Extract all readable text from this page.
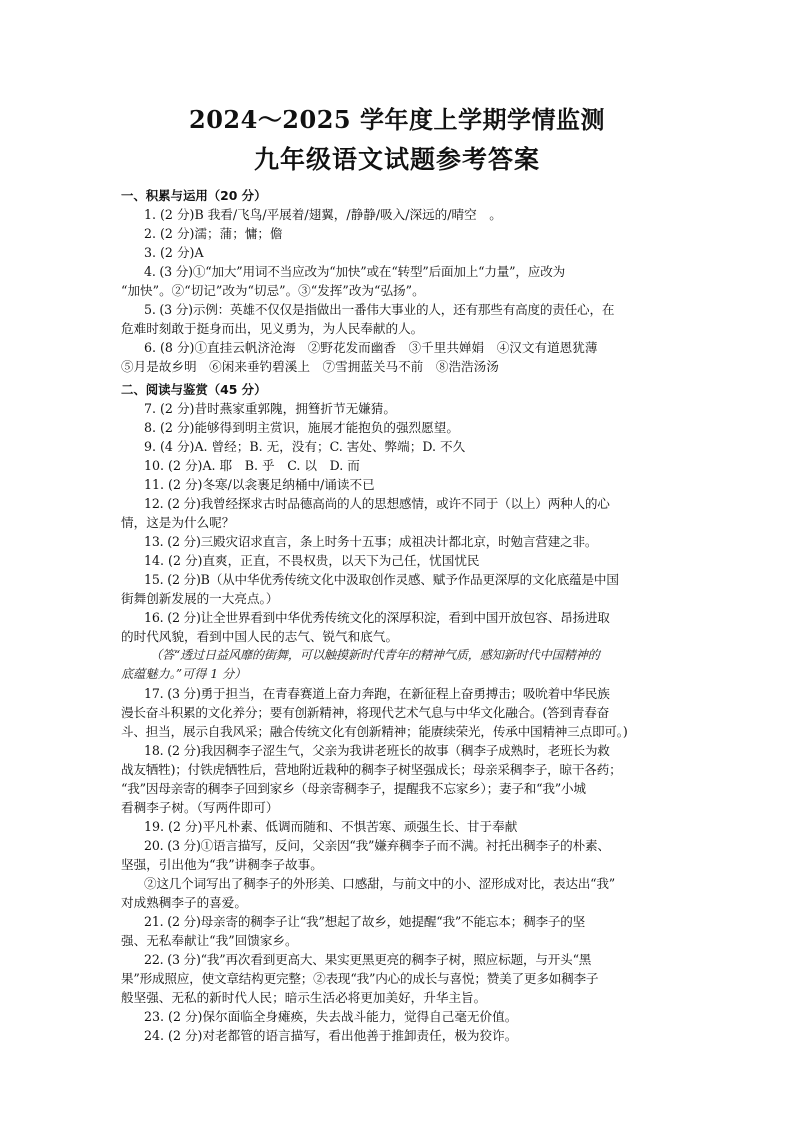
2024～2025 学年度上学期学情监测
九年级语文试题参考答案
一、积累与运用（20 分）
1. (2 分)B 我看/飞鸟/平展着/翅翼，/静静/吸入/深远的/晴空　。
2. (2 分)濡；蒲；慵；儋
3. (2 分)A
4. (3 分)①“加大”用词不当应改为“加快”或在“转型”后面加上“力量”，应改为
“加快”。②“切记”改为“切忌”。③“发挥”改为“弘扬”。
5. (3 分)示例：英雄不仅仅是指做出一番伟大事业的人，还有那些有高度的责任心，在
危难时刻敢于挺身而出，见义勇为，为人民奉献的人。
6. (8 分)①直挂云帆济沧海　②野花发而幽香　③千里共婵娟　④汉文有道恩犹薄
⑤月是故乡明　⑥闲来垂钓碧溪上　⑦雪拥蓝关马不前　⑧浩浩汤汤
二、阅读与鉴赏（45 分）
7. (2 分)昔时燕家重郭隗，拥篲折节无嫌猜。
8. (2 分)能够得到明主赏识，施展才能抱负的强烈愿望。
9. (4 分)A. 曾经；B. 无，没有；C. 害处、弊端；D. 不久
10. (2 分)A. 耶　B. 乎　C. 以　D. 而
11. (2 分)冬寒/以衾裹足纳桶中/诵读不已
12. (2 分)我曾经探求古时品德高尚的人的思想感情，或许不同于（以上）两种人的心
情，这是为什么呢？
13. (2 分)三殿灾诏求直言，条上时务十五事；成祖决计都北京，时勉言营建之非。
14. (2 分)直爽，正直，不畏权贵，以天下为己任，忧国忧民
15. (2 分)B（从中华优秀传统文化中汲取创作灵感、赋予作品更深厚的文化底蕴是中国
街舞创新发展的一大亮点。）
16. (2 分)让全世界看到中华优秀传统文化的深厚积淀，看到中国开放包容、昂扬进取
的时代风貌，看到中国人民的志气、锐气和底气。
（答“透过日益风靡的街舞，可以触摸新时代青年的精神气质，感知新时代中国精神的
底蕴魅力。”可得 1 分）
17. (3 分)勇于担当，在青春赛道上奋力奔跑，在新征程上奋勇搏击；吸吮着中华民族
漫长奋斗积累的文化养分；要有创新精神，将现代艺术气息与中华文化融合。(答到青春奋
斗、担当，展示自我风采；融合传统文化有创新精神；能赓续荣光，传承中国精神三点即可。)
18. (2 分)我因稠李子涩生气，父亲为我讲老班长的故事（稠李子成熟时，老班长为救
战友牺牲)；付铁虎牺牲后，营地附近栽种的稠李子树坚强成长；母亲采稠李子，晾干各药；
“我”因母亲寄的稠李子回到家乡（母亲寄稠李子，提醒我不忘家乡）；妻子和“我”小城
看稠李子树。（写两件即可）
19. (2 分)平凡朴素、低调而随和、不惧苦寒、顽强生长、甘于奉献
20. (3 分)①语言描写，反问，父亲因“我”嫌弃稠李子而不满。衬托出稠李子的朴素、
坚强，引出他为“我”讲稠李子故事。
②这几个词写出了稠李子的外形美、口感甜，与前文中的小、涩形成对比，表达出“我”
对成熟稠李子的喜爱。
21. (2 分)母亲寄的稠李子让“我”想起了故乡，她提醒“我”不能忘本；稠李子的坚
强、无私奉献让“我”回馈家乡。
22. (3 分)“我”再次看到更高大、果实更黑更亮的稠李子树，照应标题，与开头“黑
果”形成照应，使文章结构更完整；②表现“我”内心的成长与喜悦；赞美了更多如稠李子
般坚强、无私的新时代人民；暗示生活必将更加美好，升华主旨。
23. (2 分)保尔面临全身瘫痪，失去战斗能力，觉得自己毫无价值。
24. (2 分)对老都管的语言描写，看出他善于推卸责任，极为狡诈。
